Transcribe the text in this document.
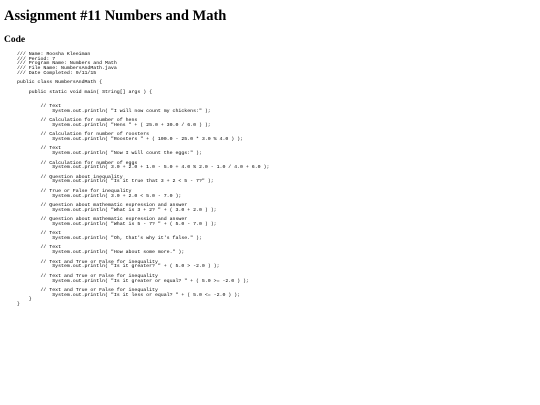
Assignment #11 Numbers and Math
Code
/// Name: Roosha Kleeiman
/// Period: 7
/// Program Name: Numbers and Math
/// File Name: NumbersAndMath.java
/// Date Completed: 9/11/15
public class NumbersAndMath {
public static void main( String[] args ) {
// Text
System.out.println( "I will now count my chickens:" );
// Calculation for number of hens
System.out.println( "Hens " + ( 25.0 + 30.0 / 6.0 ) );
// Calculation for number of roosters
System.out.println( "Roosters " + ( 100.0 - 25.0 * 3.0 % 4.0 ) );
// Text
System.out.println( "Now I will count the eggs:" );
// Calculation for number of eggs
System.out.println( 3.0 + 2.0 + 1.0 - 5.0 + 4.0 % 2.0 - 1.0 / 4.0 + 6.0 );
// Question about inequality
System.out.println( "Is it true that 3 + 2 < 5 - 7?" );
// True or False for inequality
System.out.println( 3.0 + 2.0 < 5.0 - 7.0 );
// Question about mathematic expression and answer
System.out.println( "What is 3 + 2? " + ( 3.0 + 2.0 ) );
// Question about mathematic expression and answer
System.out.println( "What is 5 - 7? " + ( 5.0 - 7.0 ) );
// Text
System.out.println( "Oh, that's why it's false." );
// Text
System.out.println( "How about some more." );
// Text and True or False for inequality
System.out.println( "Is it greater? " + ( 5.0 > -2.0 ) );
// Text and True or False for inequality
System.out.println( "Is it greater or equal? " + ( 5.0 >= -2.0 ) );
// Text and True or False for inequality
System.out.println( "Is it less or equal? " + ( 5.0 <= -2.0 ) );
}
}
